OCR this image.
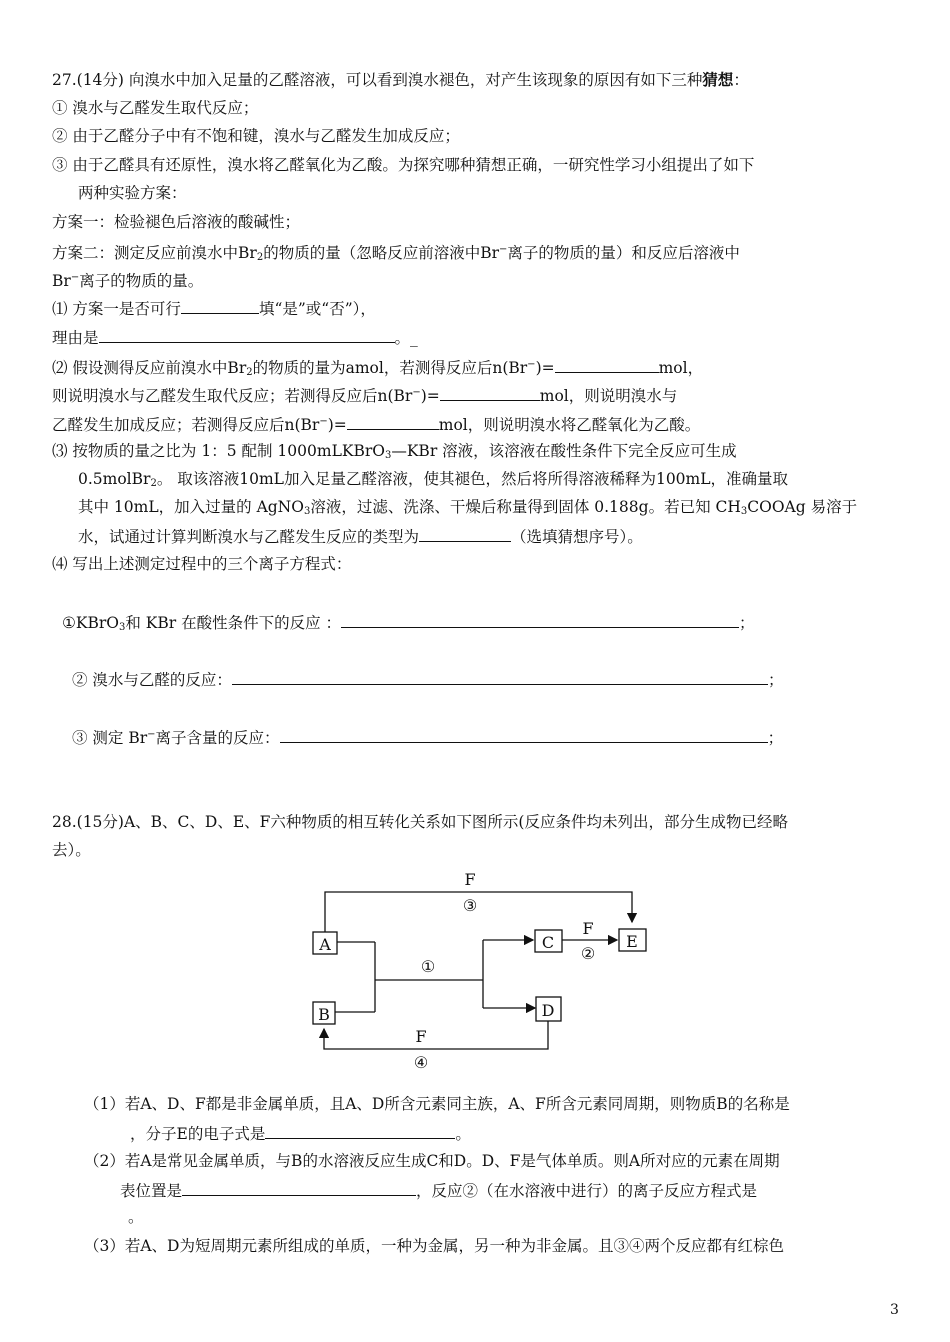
27.(14分) 向溴水中加入足量的乙醛溶液，可以看到溴水褪色，对产生该现象的原因有如下三种猜想：
① 溴水与乙醛发生取代反应；
② 由于乙醛分子中有不饱和键，溴水与乙醛发生加成反应；
③ 由于乙醛具有还原性，溴水将乙醛氧化为乙酸。为探究哪种猜想正确，一研究性学习小组提出了如下
两种实验方案：
方案一：检验褪色后溶液的酸碱性；
方案二：测定反应前溴水中$Br_2$的物质的量（忽略反应前溶液中Br−离子的物质的量）和反应后溶液中
Br−离子的物质的量。
⑴ 方案一是否可行	填“是”或“否”），
理由是	。_
⑵ 假设测得反应前溴水中$Br_2$的物质的量为amol，若测得反应后n(Br−)=	mol，
则说明溴水与乙醛发生取代反应；若测得反应后n(Br−)=	mol，则说明溴水与
乙醛发生加成反应；若测得反应后n(Br−)=	mol，则说明溴水将乙醛氧化为乙酸。
⑶ 按物质的量之比为 1：5 配制 1000mLKBrO$_3$—KBr 溶液，该溶液在酸性条件下完全反应可生成
0.5molBr$_2$。 取该溶液10mL加入足量乙醛溶液，使其褪色，然后将所得溶液稀释为100mL，准确量取
其中 10mL，加入过量的 AgNO$_3$溶液，过滤、洗涤、干燥后称量得到固体 0.188g。若已知 $CH_3COOAg$ 易溶于
水，试通过计算判断溴水与乙醛发生反应的类型为	（选填猜想序号）。
⑷ 写出上述测定过程中的三个离子方程式：
①KBrO$_3$和 KBr 在酸性条件下的反应 ：	；
② 溴水与乙醛的反应：	；
③ 测定 Br−离子含量的反应：	；
28.(15分)A、B、C、D、E、F六种物质的相互转化关系如下图所示(反应条件均未列出，部分生成物已经略
去）。
A
B
C
D
E
F
③
①
F
②
F
④
（1）若A、D、F都是非金属单质，且A、D所含元素同主族，A、F所含元素同周期，则物质B的名称是
，分子E的电子式是	。
（2）若A是常见金属单质，与B的水溶液反应生成C和D。D、F是气体单质。则A所对应的元素在周期
表位置是	，反应②（在水溶液中进行）的离子反应方程式是
。
（3）若A、D为短周期元素所组成的单质，一种为金属，另一种为非金属。且③④两个反应都有红棕色
3
